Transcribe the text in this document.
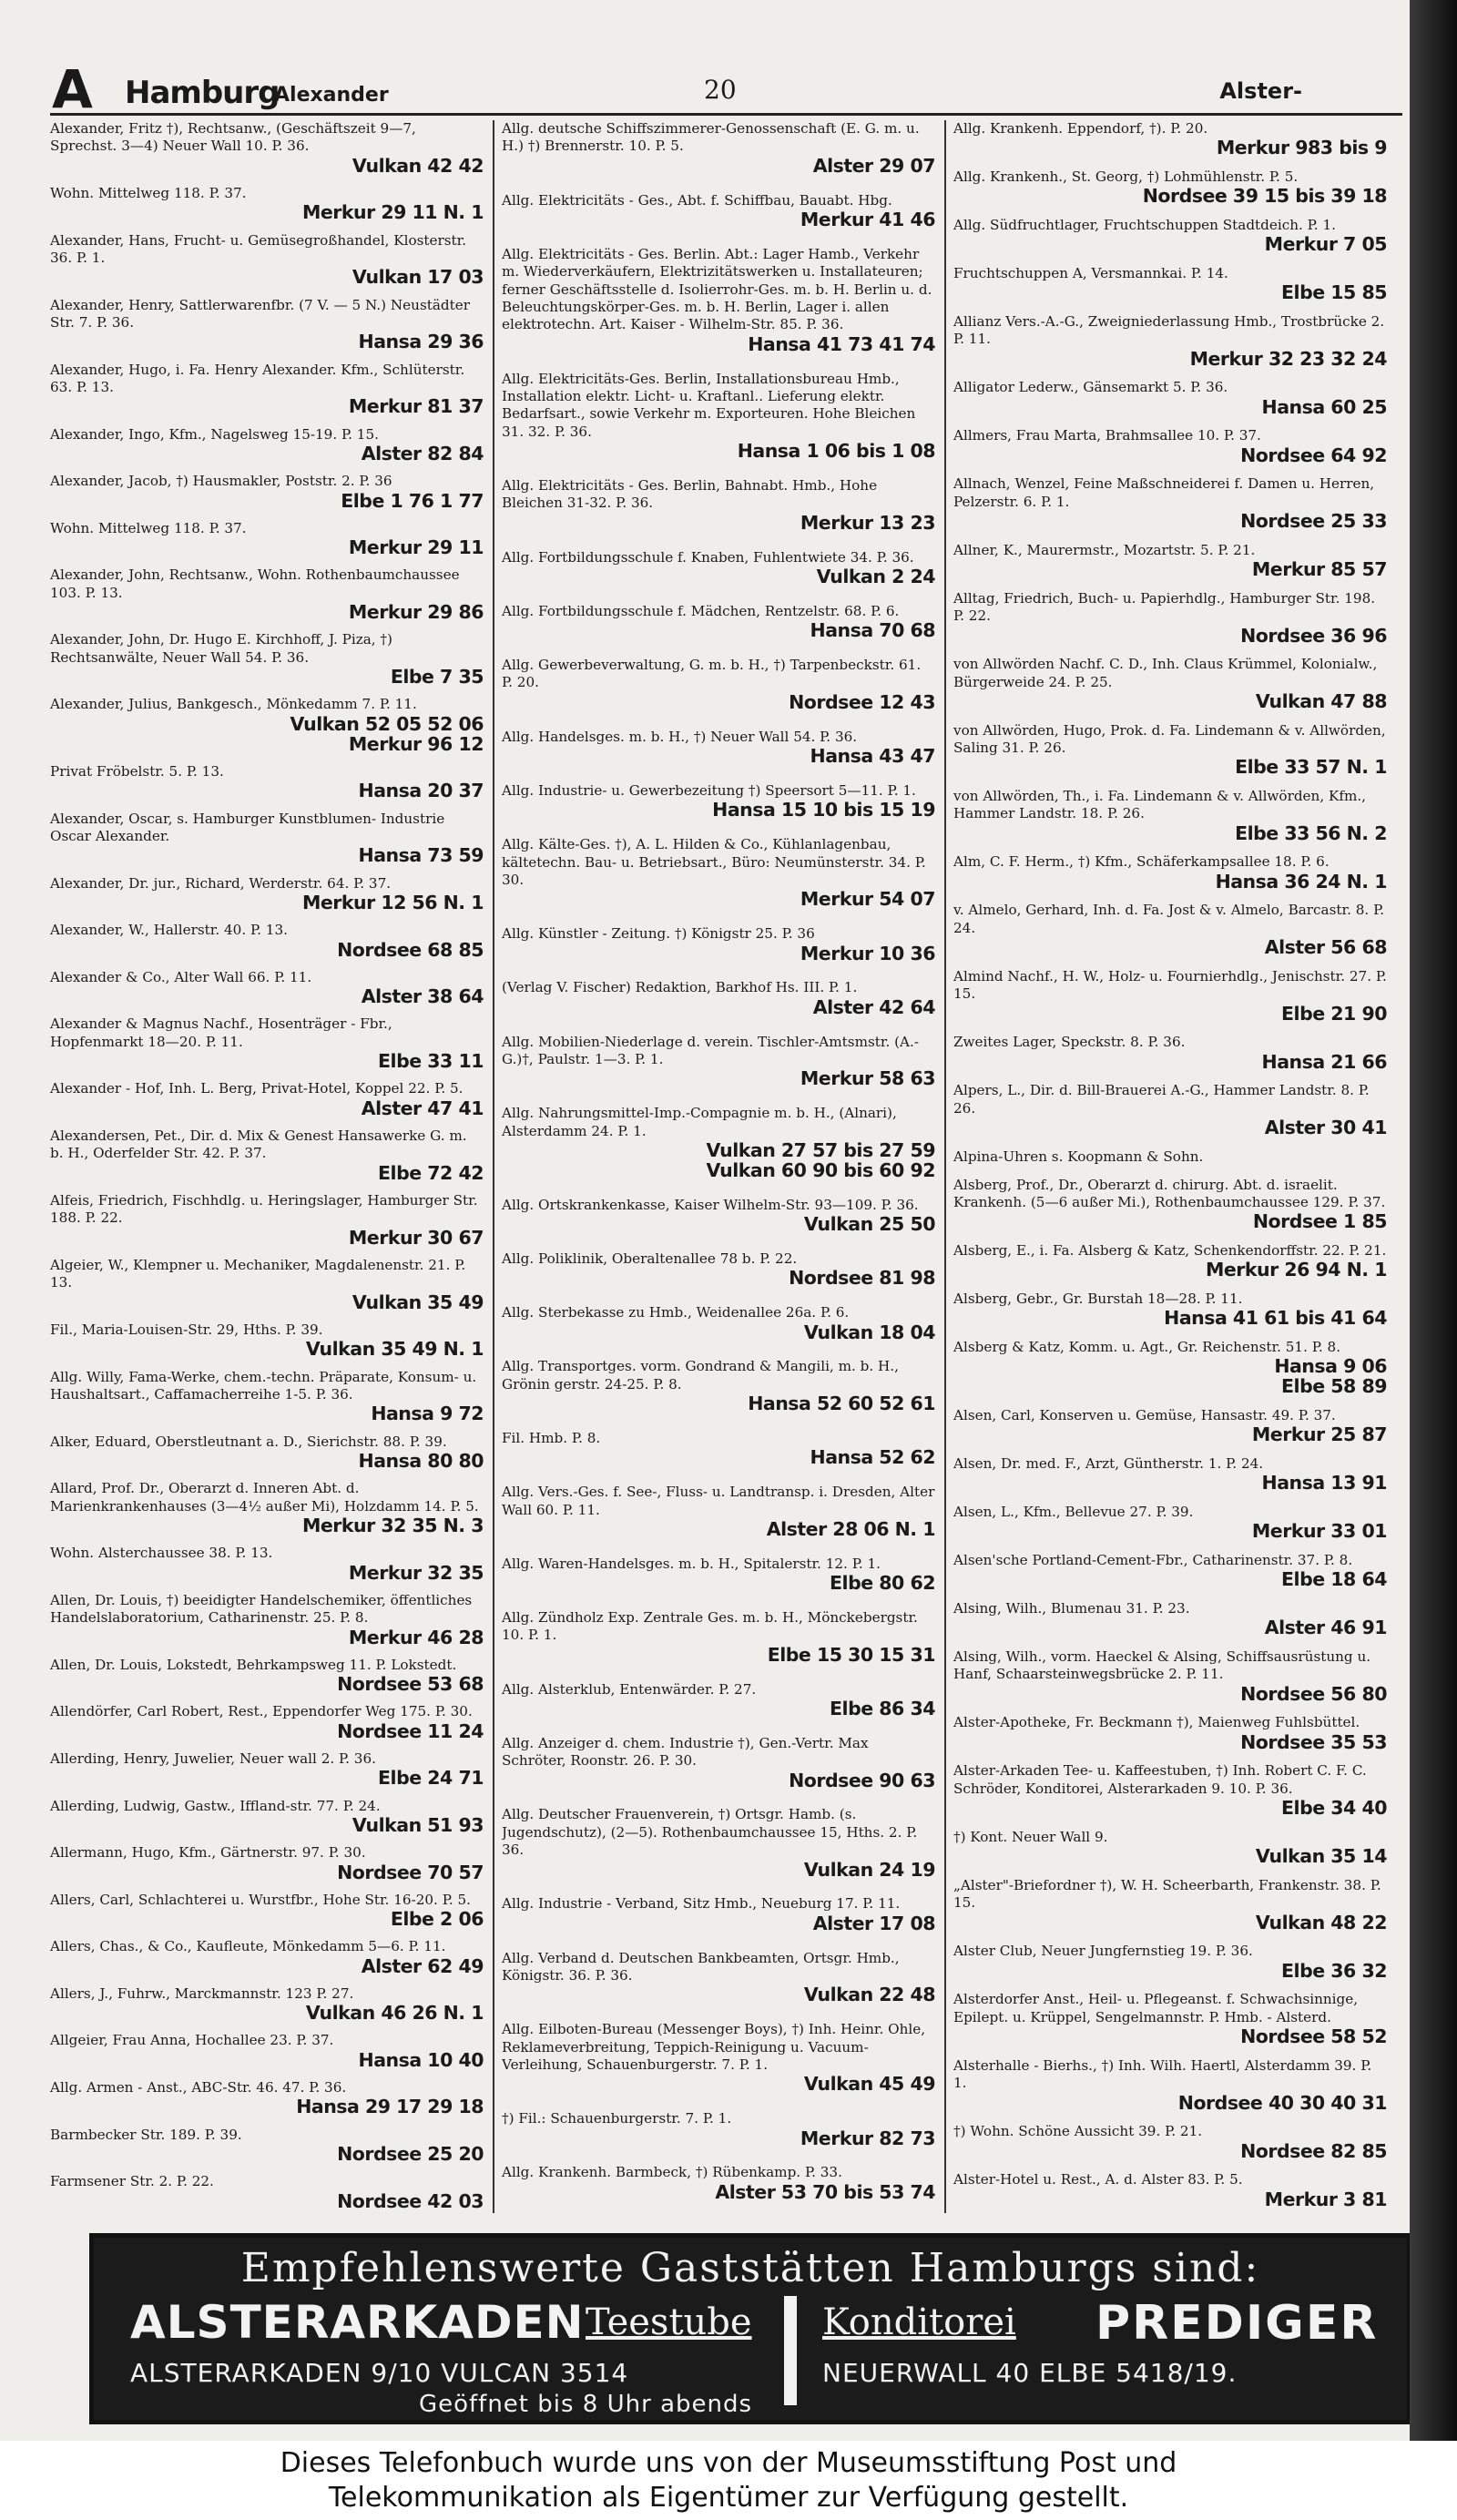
A Hamburg
Alexander	20	Alster-
Alexander, Fritz †), Rechtsanw., (Geschäftszeit 9—7, Sprechst. 3—4) Neuer Wall 10. P. 36.
Vulkan 42 42
Wohn. Mittelweg 118. P. 37.
Merkur 29 11 N. 1
Alexander, Hans, Frucht- u. Gemüsegroßhandel, Klosterstr. 36. P. 1.
Vulkan 17 03
Alexander, Henry, Sattlerwarenfbr. (7 V. — 5 N.) Neustädter Str. 7. P. 36.
Hansa 29 36
Alexander, Hugo, i. Fa. Henry Alexander. Kfm., Schlüterstr. 63. P. 13.
Merkur 81 37
Alexander, Ingo, Kfm., Nagelsweg 15-19. P. 15.
Alster 82 84
Alexander, Jacob, †) Hausmakler, Poststr. 2. P. 36
Elbe 1 76 1 77
Wohn. Mittelweg 118. P. 37.
Merkur 29 11
Alexander, John, Rechtsanw., Wohn. Rothenbaumchaussee 103. P. 13.
Merkur 29 86
Alexander, John, Dr. Hugo E. Kirchhoff, J. Piza, †) Rechtsanwälte, Neuer Wall 54. P. 36.
Elbe 7 35
Alexander, Julius, Bankgesch., Mönkedamm 7. P. 11.
Vulkan 52 05 52 06
Merkur 96 12
Privat Fröbelstr. 5. P. 13.
Hansa 20 37
Alexander, Oscar, s. Hamburger Kunstblumen- Industrie Oscar Alexander.
Hansa 73 59
Alexander, Dr. jur., Richard, Werderstr. 64. P. 37.
Merkur 12 56 N. 1
Alexander, W., Hallerstr. 40. P. 13.
Nordsee 68 85
Alexander & Co., Alter Wall 66. P. 11.
Alster 38 64
Alexander & Magnus Nachf., Hosenträger - Fbr., Hopfenmarkt 18—20. P. 11.
Elbe 33 11
Alexander - Hof, Inh. L. Berg, Privat-Hotel, Koppel 22. P. 5.
Alster 47 41
Alexandersen, Pet., Dir. d. Mix & Genest Hansawerke G. m. b. H., Oderfelder Str. 42. P. 37.
Elbe 72 42
Alfeis, Friedrich, Fischhdlg. u. Heringslager, Hamburger Str. 188. P. 22.
Merkur 30 67
Algeier, W., Klempner u. Mechaniker, Magdalenenstr. 21. P. 13.
Vulkan 35 49
Fil., Maria-Louisen-Str. 29, Hths. P. 39.
Vulkan 35 49 N. 1
Allg. Willy, Fama-Werke, chem.-techn. Präparate, Konsum- u. Haushaltsart., Caffamacherreihe 1-5. P. 36.
Hansa 9 72
Alker, Eduard, Oberstleutnant a. D., Sierichstr. 88. P. 39.
Hansa 80 80
Allard, Prof. Dr., Oberarzt d. Inneren Abt. d. Marienkrankenhauses (3—4½ außer Mi), Holzdamm 14. P. 5.
Merkur 32 35 N. 3
Wohn. Alsterchaussee 38. P. 13.
Merkur 32 35
Allen, Dr. Louis, †) beeidigter Handelschemiker, öffentliches Handelslaboratorium, Catharinenstr. 25. P. 8.
Merkur 46 28
Allen, Dr. Louis, Lokstedt, Behrkampsweg 11. P. Lokstedt.
Nordsee 53 68
Allendörfer, Carl Robert, Rest., Eppendorfer Weg 175. P. 30.
Nordsee 11 24
Allerding, Henry, Juwelier, Neuer wall 2. P. 36.
Elbe 24 71
Allerding, Ludwig, Gastw., Iffland-str. 77. P. 24.
Vulkan 51 93
Allermann, Hugo, Kfm., Gärtnerstr. 97. P. 30.
Nordsee 70 57
Allers, Carl, Schlachterei u. Wurstfbr., Hohe Str. 16-20. P. 5.
Elbe 2 06
Allers, Chas., & Co., Kaufleute, Mönkedamm 5—6. P. 11.
Alster 62 49
Allers, J., Fuhrw., Marckmannstr. 123 P. 27.
Vulkan 46 26 N. 1
Allgeier, Frau Anna, Hochallee 23. P. 37.
Hansa 10 40
Allg. Armen - Anst., ABC-Str. 46. 47. P. 36.
Hansa 29 17 29 18
Barmbecker Str. 189. P. 39.
Nordsee 25 20
Farmsener Str. 2. P. 22.
Nordsee 42 03
Allg. deutsche Schiffszimmerer-Genossenschaft (E. G. m. u. H.) †) Brennerstr. 10. P. 5.
Alster 29 07
Allg. Elektricitäts - Ges., Abt. f. Schiffbau, Bauabt. Hbg.
Merkur 41 46
Allg. Elektricitäts - Ges. Berlin. Abt.: Lager Hamb., Verkehr m. Wiederverkäufern, Elektrizitätswerken u. Installateuren; ferner Geschäftsstelle d. Isolierrohr-Ges. m. b. H. Berlin u. d. Beleuchtungskörper-Ges. m. b. H. Berlin, Lager i. allen elektrotechn. Art. Kaiser - Wilhelm-Str. 85. P. 36.
Hansa 41 73 41 74
Allg. Elektricitäts-Ges. Berlin, Installationsbureau Hmb., Installation elektr. Licht- u. Kraftanl.. Lieferung elektr. Bedarfsart., sowie Verkehr m. Exporteuren. Hohe Bleichen 31. 32. P. 36.
Hansa 1 06 bis 1 08
Allg. Elektricitäts - Ges. Berlin, Bahnabt. Hmb., Hohe Bleichen 31-32. P. 36.
Merkur 13 23
Allg. Fortbildungsschule f. Knaben, Fuhlentwiete 34. P. 36.
Vulkan 2 24
Allg. Fortbildungsschule f. Mädchen, Rentzelstr. 68. P. 6.
Hansa 70 68
Allg. Gewerbeverwaltung, G. m. b. H., †) Tarpenbeckstr. 61. P. 20.
Nordsee 12 43
Allg. Handelsges. m. b. H., †) Neuer Wall 54. P. 36.
Hansa 43 47
Allg. Industrie- u. Gewerbezeitung †) Speersort 5—11. P. 1.
Hansa 15 10 bis 15 19
Allg. Kälte-Ges. †), A. L. Hilden & Co., Kühlanlagenbau, kältetechn. Bau- u. Betriebsart., Büro: Neumünsterstr. 34. P. 30.
Merkur 54 07
Allg. Künstler - Zeitung. †) Königstr 25. P. 36
Merkur 10 36
(Verlag V. Fischer) Redaktion, Barkhof Hs. III. P. 1.
Alster 42 64
Allg. Mobilien-Niederlage d. verein. Tischler-Amtsmstr. (A.-G.)†, Paulstr. 1—3. P. 1.
Merkur 58 63
Allg. Nahrungsmittel-Imp.-Compagnie m. b. H., (Alnari), Alsterdamm 24. P. 1.
Vulkan 27 57 bis 27 59
Vulkan 60 90 bis 60 92
Allg. Ortskrankenkasse, Kaiser Wilhelm-Str. 93—109. P. 36.
Vulkan 25 50
Allg. Poliklinik, Oberaltenallee 78 b. P. 22.
Nordsee 81 98
Allg. Sterbekasse zu Hmb., Weidenallee 26a. P. 6.
Vulkan 18 04
Allg. Transportges. vorm. Gondrand & Mangili, m. b. H., Grönin gerstr. 24-25. P. 8.
Hansa 52 60 52 61
Fil. Hmb. P. 8.
Hansa 52 62
Allg. Vers.-Ges. f. See-, Fluss- u. Landtransp. i. Dresden, Alter Wall 60. P. 11.
Alster 28 06 N. 1
Allg. Waren-Handelsges. m. b. H., Spitalerstr. 12. P. 1.
Elbe 80 62
Allg. Zündholz Exp. Zentrale Ges. m. b. H., Mönckebergstr. 10. P. 1.
Elbe 15 30 15 31
Allg. Alsterklub, Entenwärder. P. 27.
Elbe 86 34
Allg. Anzeiger d. chem. Industrie †), Gen.-Vertr. Max Schröter, Roonstr. 26. P. 30.
Nordsee 90 63
Allg. Deutscher Frauenverein, †) Ortsgr. Hamb. (s. Jugendschutz), (2—5). Rothenbaumchaussee 15, Hths. 2. P. 36.
Vulkan 24 19
Allg. Industrie - Verband, Sitz Hmb., Neueburg 17. P. 11.
Alster 17 08
Allg. Verband d. Deutschen Bankbeamten, Ortsgr. Hmb., Königstr. 36. P. 36.
Vulkan 22 48
Allg. Eilboten-Bureau (Messenger Boys), †) Inh. Heinr. Ohle, Reklameverbreitung, Teppich-Reinigung u. Vacuum-Verleihung, Schauenburgerstr. 7. P. 1.
Vulkan 45 49
†) Fil.: Schauenburgerstr. 7. P. 1.
Merkur 82 73
Allg. Krankenh. Barmbeck, †) Rübenkamp. P. 33.
Alster 53 70 bis 53 74
Allg. Krankenh. Eppendorf, †). P. 20.
Merkur 983 bis 9
Allg. Krankenh., St. Georg, †) Lohmühlenstr. P. 5.
Nordsee 39 15 bis 39 18
Allg. Südfruchtlager, Fruchtschuppen Stadtdeich. P. 1.
Merkur 7 05
Fruchtschuppen A, Versmannkai. P. 14.
Elbe 15 85
Allianz Vers.-A.-G., Zweigniederlassung Hmb., Trostbrücke 2. P. 11.
Merkur 32 23 32 24
Alligator Lederw., Gänsemarkt 5. P. 36.
Hansa 60 25
Allmers, Frau Marta, Brahmsallee 10. P. 37.
Nordsee 64 92
Allnach, Wenzel, Feine Maßschneiderei f. Damen u. Herren, Pelzerstr. 6. P. 1.
Nordsee 25 33
Allner, K., Maurermstr., Mozartstr. 5. P. 21.
Merkur 85 57
Alltag, Friedrich, Buch- u. Papierhdlg., Hamburger Str. 198. P. 22.
Nordsee 36 96
von Allwörden Nachf. C. D., Inh. Claus Krümmel, Kolonialw., Bürgerweide 24. P. 25.
Vulkan 47 88
von Allwörden, Hugo, Prok. d. Fa. Lindemann & v. Allwörden, Saling 31. P. 26.
Elbe 33 57 N. 1
von Allwörden, Th., i. Fa. Lindemann & v. Allwörden, Kfm., Hammer Landstr. 18. P. 26.
Elbe 33 56 N. 2
Alm, C. F. Herm., †) Kfm., Schäferkampsallee 18. P. 6.
Hansa 36 24 N. 1
v. Almelo, Gerhard, Inh. d. Fa. Jost & v. Almelo, Barcastr. 8. P. 24.
Alster 56 68
Almind Nachf., H. W., Holz- u. Fournierhdlg., Jenischstr. 27. P. 15.
Elbe 21 90
Zweites Lager, Speckstr. 8. P. 36.
Hansa 21 66
Alpers, L., Dir. d. Bill-Brauerei A.-G., Hammer Landstr. 8. P. 26.
Alster 30 41
Alpina-Uhren s. Koopmann & Sohn.
Alsberg, Prof., Dr., Oberarzt d. chirurg. Abt. d. israelit. Krankenh. (5—6 außer Mi.), Rothenbaumchaussee 129. P. 37.
Nordsee 1 85
Alsberg, E., i. Fa. Alsberg & Katz, Schenkendorffstr. 22. P. 21.
Merkur 26 94 N. 1
Alsberg, Gebr., Gr. Burstah 18—28. P. 11.
Hansa 41 61 bis 41 64
Alsberg & Katz, Komm. u. Agt., Gr. Reichenstr. 51. P. 8.
Hansa 9 06
Elbe 58 89
Alsen, Carl, Konserven u. Gemüse, Hansastr. 49. P. 37.
Merkur 25 87
Alsen, Dr. med. F., Arzt, Güntherstr. 1. P. 24.
Hansa 13 91
Alsen, L., Kfm., Bellevue 27. P. 39.
Merkur 33 01
Alsen'sche Portland-Cement-Fbr., Catharinenstr. 37. P. 8.
Elbe 18 64
Alsing, Wilh., Blumenau 31. P. 23.
Alster 46 91
Alsing, Wilh., vorm. Haeckel & Alsing, Schiffsausrüstung u. Hanf, Schaarsteinwegsbrücke 2. P. 11.
Nordsee 56 80
Alster-Apotheke, Fr. Beckmann †), Maienweg Fuhlsbüttel.
Nordsee 35 53
Alster-Arkaden Tee- u. Kaffeestuben, †) Inh. Robert C. F. C. Schröder, Konditorei, Alsterarkaden 9. 10. P. 36.
Elbe 34 40
†) Kont. Neuer Wall 9.
Vulkan 35 14
„Alster"-Briefordner †), W. H. Scheerbarth, Frankenstr. 38. P. 15.
Vulkan 48 22
Alster Club, Neuer Jungfernstieg 19. P. 36.
Elbe 36 32
Alsterdorfer Anst., Heil- u. Pflegeanst. f. Schwachsinnige, Epilept. u. Krüppel, Sengelmannstr. P. Hmb. - Alsterd.
Nordsee 58 52
Alsterhalle - Bierhs., †) Inh. Wilh. Haertl, Alsterdamm 39. P. 1.
Nordsee 40 30 40 31
†) Wohn. Schöne Aussicht 39. P. 21.
Nordsee 82 85
Alster-Hotel u. Rest., A. d. Alster 83. P. 5.
Merkur 3 81
Empfehlenswerte Gaststätten Hamburgs sind:
ALSTERARKADEN Teestube Konditorei PREDIGER
ALSTERARKADEN 9/10 VULCAN 3514	NEUERWALL 40 ELBE 5418/19.
Geöffnet bis 8 Uhr abends
Dieses Telefonbuch wurde uns von der Museumsstiftung Post und
Telekommunikation als Eigentümer zur Verfügung gestellt.
